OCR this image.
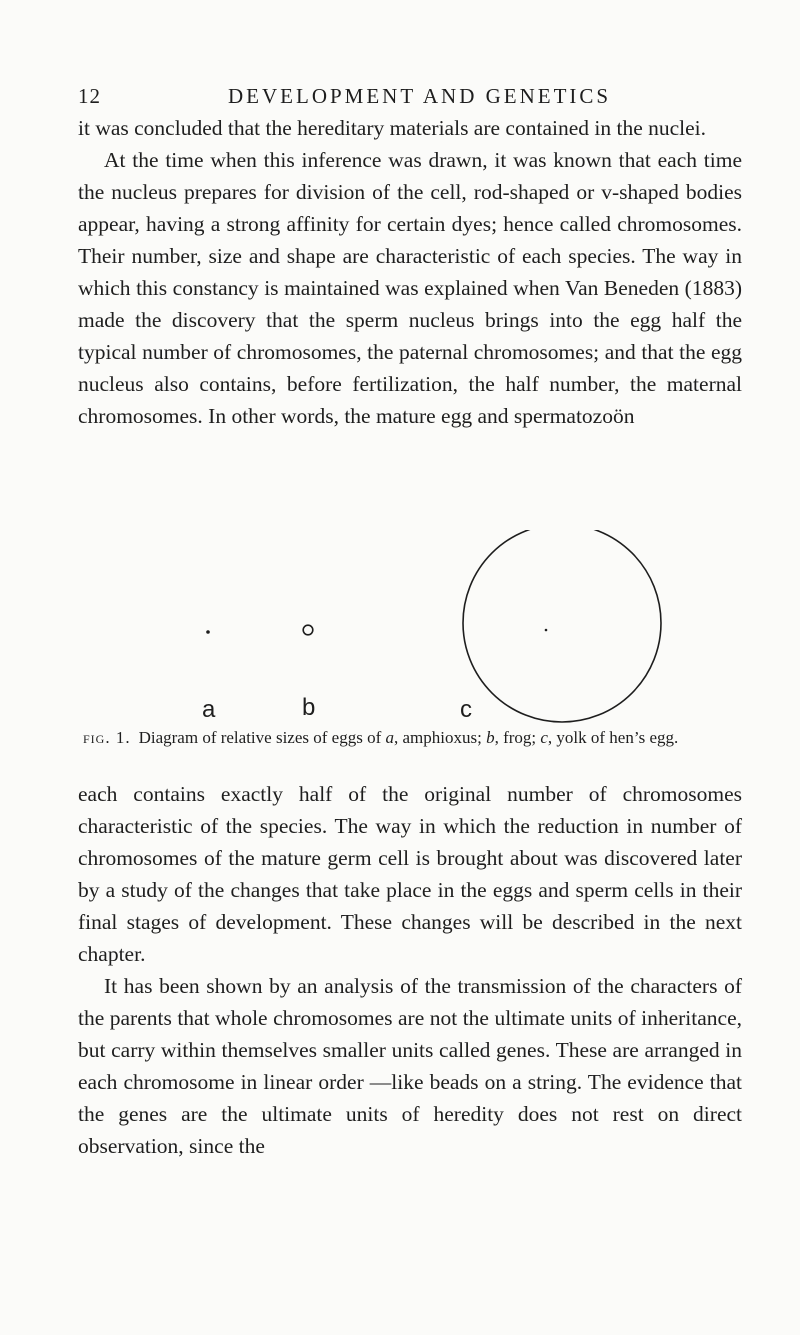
12	DEVELOPMENT AND GENETICS

it was concluded that the hereditary materials are contained in the nuclei.

At the time when this inference was drawn, it was known that each time the nucleus prepares for division of the cell, rod-shaped or v-shaped bodies appear, having a strong affinity for certain dyes; hence called chromosomes. Their number, size and shape are characteristic of each species. The way in which this constancy is maintained was explained when Van Beneden (1883) made the discovery that the sperm nucleus brings into the egg half the typical number of chromosomes, the paternal chromosomes; and that the egg nucleus also contains, before fertilization, the half number, the maternal chromosomes. In other words, the mature egg and spermatozoön

a	b	c
fig. 1. Diagram of relative sizes of eggs of a, amphioxus; b, frog; c, yolk of hen’s egg.

each contains exactly half of the original number of chromosomes characteristic of the species. The way in which the reduction in number of chromosomes of the mature germ cell is brought about was discovered later by a study of the changes that take place in the eggs and sperm cells in their final stages of development. These changes will be described in the next chapter.

It has been shown by an analysis of the transmission of the characters of the parents that whole chromosomes are not the ultimate units of inheritance, but carry within themselves smaller units called genes. These are arranged in each chromosome in linear order —like beads on a string. The evidence that the genes are the ultimate units of heredity does not rest on direct observation, since the
